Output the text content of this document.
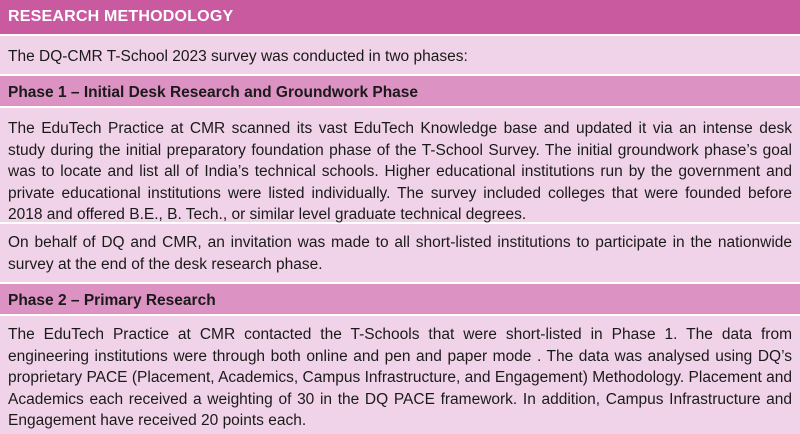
RESEARCH METHODOLOGY
The DQ-CMR T-School 2023 survey was conducted in two phases:
Phase 1 – Initial Desk Research and Groundwork Phase

The EduTech Practice at CMR scanned its vast EduTech Knowledge base and updated it via an intense desk study during the initial preparatory foundation phase of the T-School Survey. The initial groundwork phase’s goal was to locate and list all of India’s technical schools. Higher educational institutions run by the government and private educational institutions were listed individually. The survey included colleges that were founded before 2018 and offered B.E., B. Tech., or similar level graduate technical degrees.

On behalf of DQ and CMR, an invitation was made to all short-listed institutions to participate in the nationwide survey at the end of the desk research phase.

Phase 2 – Primary Research

The EduTech Practice at CMR contacted the T-Schools that were short-listed in Phase 1. The data from engineering institutions were through both online and pen and paper mode . The data was analysed using DQ’s proprietary PACE (Placement, Academics, Campus Infrastructure, and Engagement) Methodology. Placement and Academics each received a weighting of 30 in the DQ PACE framework. In addition, Campus Infrastructure and Engagement have received 20 points each.
